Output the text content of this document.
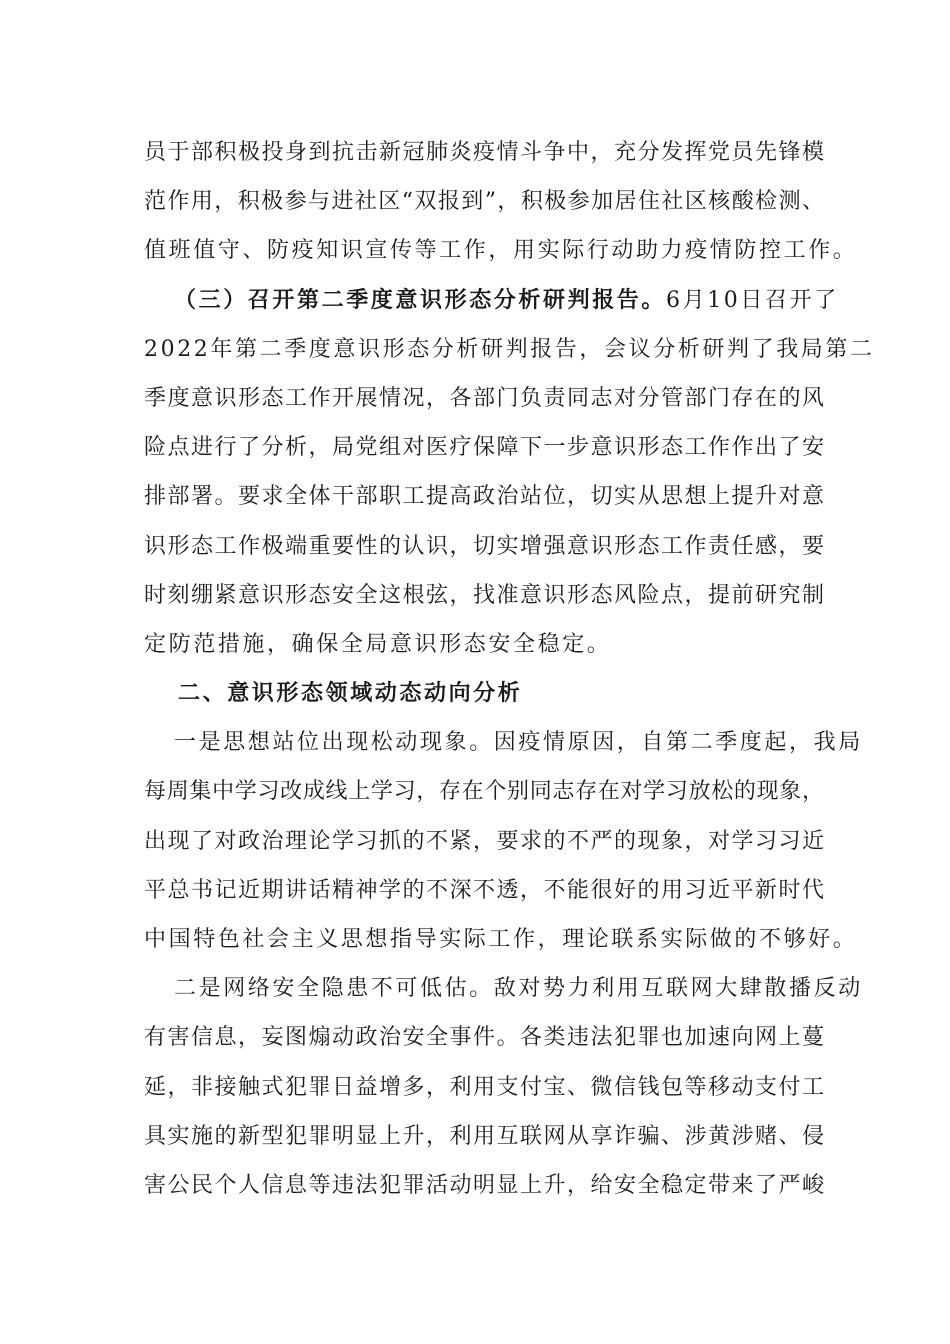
员于部积极投身到抗击新冠肺炎疫情斗争中，充分发挥党员先锋模
范作用，积极参与进社区“双报到”，积极参加居住社区核酸检测、
值班值守、防疫知识宣传等工作，用实际行动助力疫情防控工作。
（三）召开第二季度意识形态分析研判报告。6月10日召开了
2022年第二季度意识形态分析研判报告，会议分析研判了我局第二
季度意识形态工作开展情况，各部门负责同志对分管部门存在的风
险点进行了分析，局党组对医疗保障下一步意识形态工作作出了安
排部署。要求全体干部职工提高政治站位，切实从思想上提升对意
识形态工作极端重要性的认识，切实增强意识形态工作责任感，要
时刻绷紧意识形态安全这根弦，找准意识形态风险点，提前研究制
定防范措施，确保全局意识形态安全稳定。
二、意识形态领域动态动向分析
一是思想站位出现松动现象。因疫情原因，自第二季度起，我局
每周集中学习改成线上学习，存在个别同志存在对学习放松的现象，
出现了对政治理论学习抓的不紧，要求的不严的现象，对学习习近
平总书记近期讲话精神学的不深不透，不能很好的用习近平新时代
中国特色社会主义思想指导实际工作，理论联系实际做的不够好。
二是网络安全隐患不可低估。敌对势力利用互联网大肆散播反动
有害信息，妄图煽动政治安全事件。各类违法犯罪也加速向网上蔓
延，非接触式犯罪日益增多，利用支付宝、微信钱包等移动支付工
具实施的新型犯罪明显上升，利用互联网从享诈骗、涉黄涉赌、侵
害公民个人信息等违法犯罪活动明显上升，给安全稳定带来了严峻
